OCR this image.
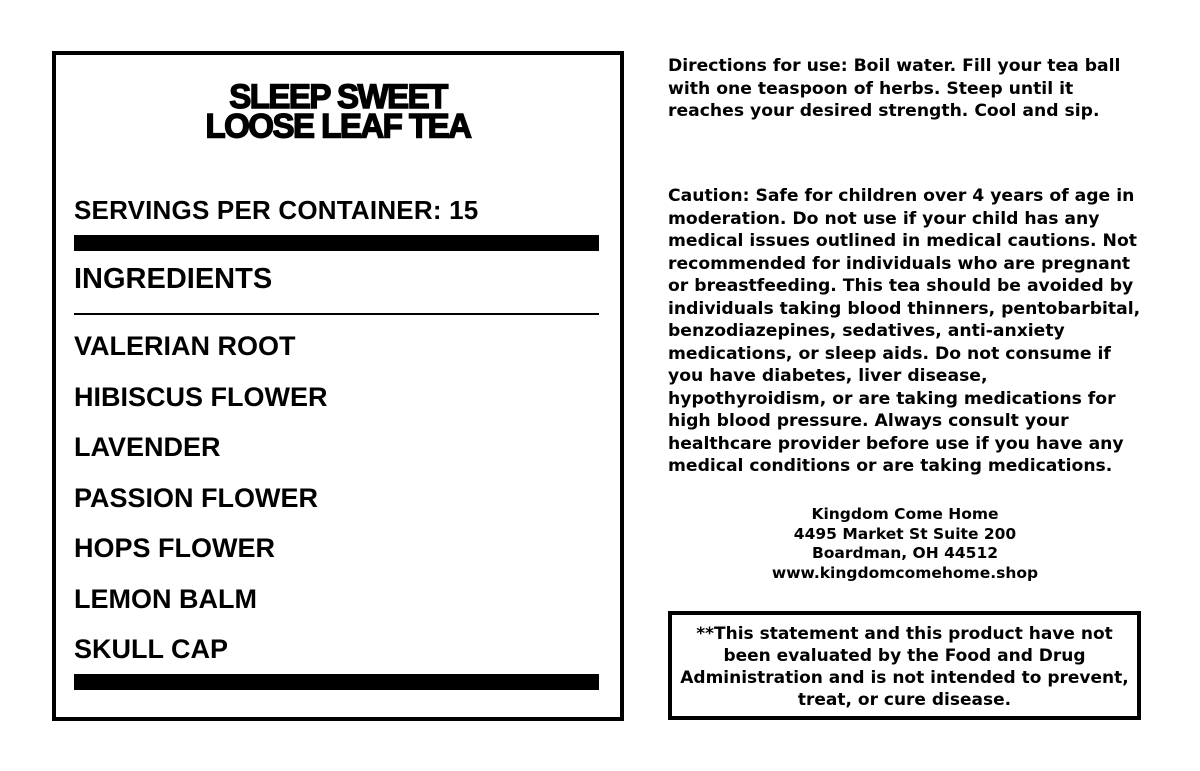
SLEEP SWEET
LOOSE LEAF TEA
SERVINGS PER CONTAINER: 15
INGREDIENTS
VALERIAN ROOT
HIBISCUS FLOWER
LAVENDER
PASSION FLOWER
HOPS FLOWER
LEMON BALM
SKULL CAP
Directions for use: Boil water. Fill your tea ball with one teaspoon of herbs. Steep until it reaches your desired strength. Cool and sip.
Caution: Safe for children over 4 years of age in moderation. Do not use if your child has any medical issues outlined in medical cautions. Not recommended for individuals who are pregnant or breastfeeding. This tea should be avoided by individuals taking blood thinners, pentobarbital, benzodiazepines, sedatives, anti-anxiety medications, or sleep aids. Do not consume if you have diabetes, liver disease, hypothyroidism, or are taking medications for high blood pressure. Always consult your healthcare provider before use if you have any medical conditions or are taking medications.
Kingdom Come Home
4495 Market St Suite 200
Boardman, OH 44512
www.kingdomcomehome.shop
**This statement and this product have not been evaluated by the Food and Drug Administration and is not intended to prevent, treat, or cure disease.
